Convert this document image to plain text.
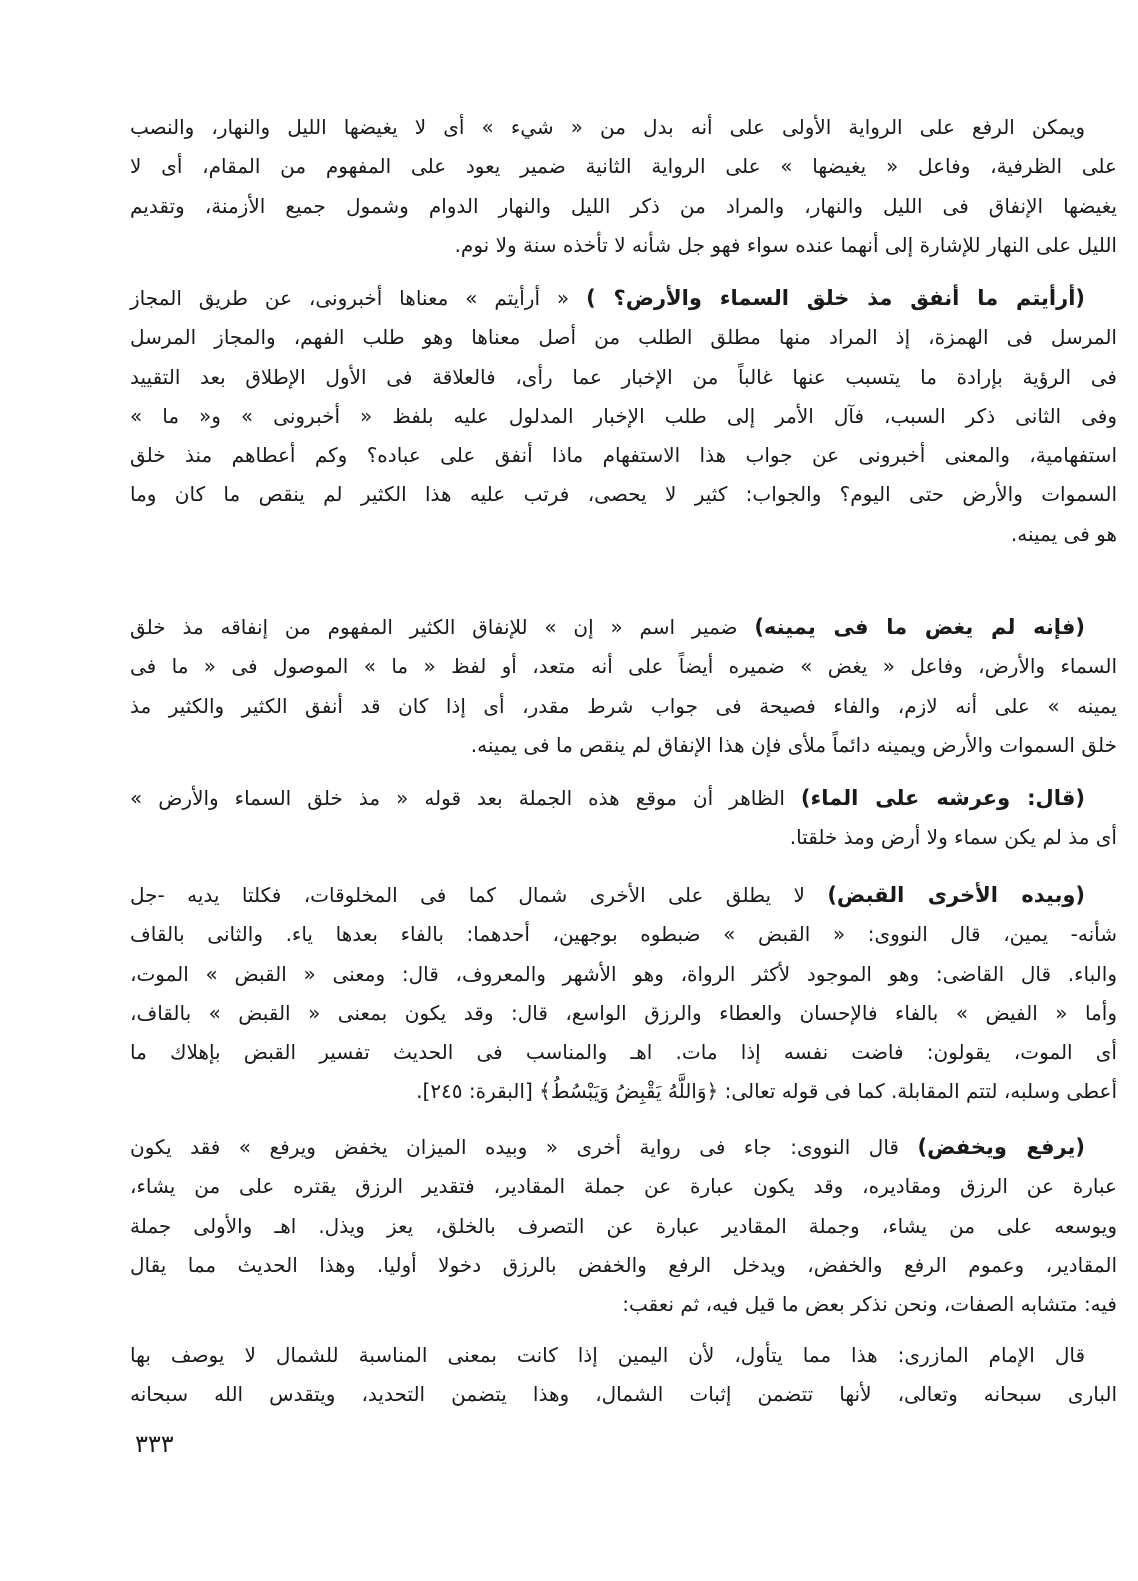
ويمكن الرفع على الرواية الأولى على أنه بدل من « شيء » أى لا يغيضها الليل والنهار، والنصب
على الظرفية، وفاعل « يغيضها » على الرواية الثانية ضمير يعود على المفهوم من المقام، أى لا
يغيضها الإنفاق فى الليل والنهار، والمراد من ذكر الليل والنهار الدوام وشمول جميع الأزمنة، وتقديم
الليل على النهار للإشارة إلى أنهما عنده سواء فهو جل شأنه لا تأخذه سنة ولا نوم.
(أرأيتم ما أنفق مذ خلق السماء والأرض؟ ) « أرأيتم » معناها أخبرونى، عن طريق المجاز
المرسل فى الهمزة، إذ المراد منها مطلق الطلب من أصل معناها وهو طلب الفهم، والمجاز المرسل
فى الرؤية بإرادة ما يتسبب عنها غالباً من الإخبار عما رأى، فالعلاقة فى الأول الإطلاق بعد التقييد
وفى الثانى ذكر السبب، فآل الأمر إلى طلب الإخبار المدلول عليه بلفظ « أخبرونى » و« ما »
استفهامية، والمعنى أخبرونى عن جواب هذا الاستفهام ماذا أنفق على عباده؟ وكم أعطاهم منذ خلق
السموات والأرض حتى اليوم؟ والجواب: كثير لا يحصى، فرتب عليه هذا الكثير لم ينقص ما كان وما
هو فى يمينه.
(فإنه لم يغض ما فى يمينه) ضمير اسم « إن » للإنفاق الكثير المفهوم من إنفاقه مذ خلق
السماء والأرض، وفاعل « يغض » ضميره أيضاً على أنه متعد، أو لفظ « ما » الموصول فى « ما فى
يمينه » على أنه لازم، والفاء فصيحة فى جواب شرط مقدر، أى إذا كان قد أنفق الكثير والكثير مذ
خلق السموات والأرض ويمينه دائماً ملأى فإن هذا الإنفاق لم ينقص ما فى يمينه.
(قال: وعرشه على الماء) الظاهر أن موقع هذه الجملة بعد قوله « مذ خلق السماء والأرض »
أى مذ لم يكن سماء ولا أرض ومذ خلقتا.
(وبيده الأخرى القبض) لا يطلق على الأخرى شمال كما فى المخلوقات، فكلتا يديه -جل
شأنه- يمين، قال النووى: « القبض » ضبطوه بوجهين، أحدهما: بالفاء بعدها ياء. والثانى بالقاف
والباء. قال القاضى: وهو الموجود لأكثر الرواة، وهو الأشهر والمعروف، قال: ومعنى « القبض » الموت،
وأما « الفيض » بالفاء فالإحسان والعطاء والرزق الواسع، قال: وقد يكون بمعنى « القبض » بالقاف،
أى الموت، يقولون: فاضت نفسه إذا مات. اهـ والمناسب فى الحديث تفسير القبض بإهلاك ما
أعطى وسلبه، لتتم المقابلة. كما فى قوله تعالى: ﴿وَاللَّهُ يَقْبِضُ وَيَبْسُطُ﴾ [البقرة: ٢٤٥].
(يرفع ويخفض) قال النووى: جاء فى رواية أخرى « وبيده الميزان يخفض ويرفع » فقد يكون
عبارة عن الرزق ومقاديره، وقد يكون عبارة عن جملة المقادير، فتقدير الرزق يقتره على من يشاء،
ويوسعه على من يشاء، وجملة المقادير عبارة عن التصرف بالخلق، يعز ويذل. اهـ والأولى جملة
المقادير، وعموم الرفع والخفض، ويدخل الرفع والخفض بالرزق دخولا أوليا. وهذا الحديث مما يقال
فيه: متشابه الصفات، ونحن نذكر بعض ما قيل فيه، ثم نعقب:
قال الإمام المازرى: هذا مما يتأول، لأن اليمين إذا كانت بمعنى المناسبة للشمال لا يوصف بها
البارى سبحانه وتعالى، لأنها تتضمن إثبات الشمال، وهذا يتضمن التحديد، ويتقدس الله سبحانه
٣٣٣
